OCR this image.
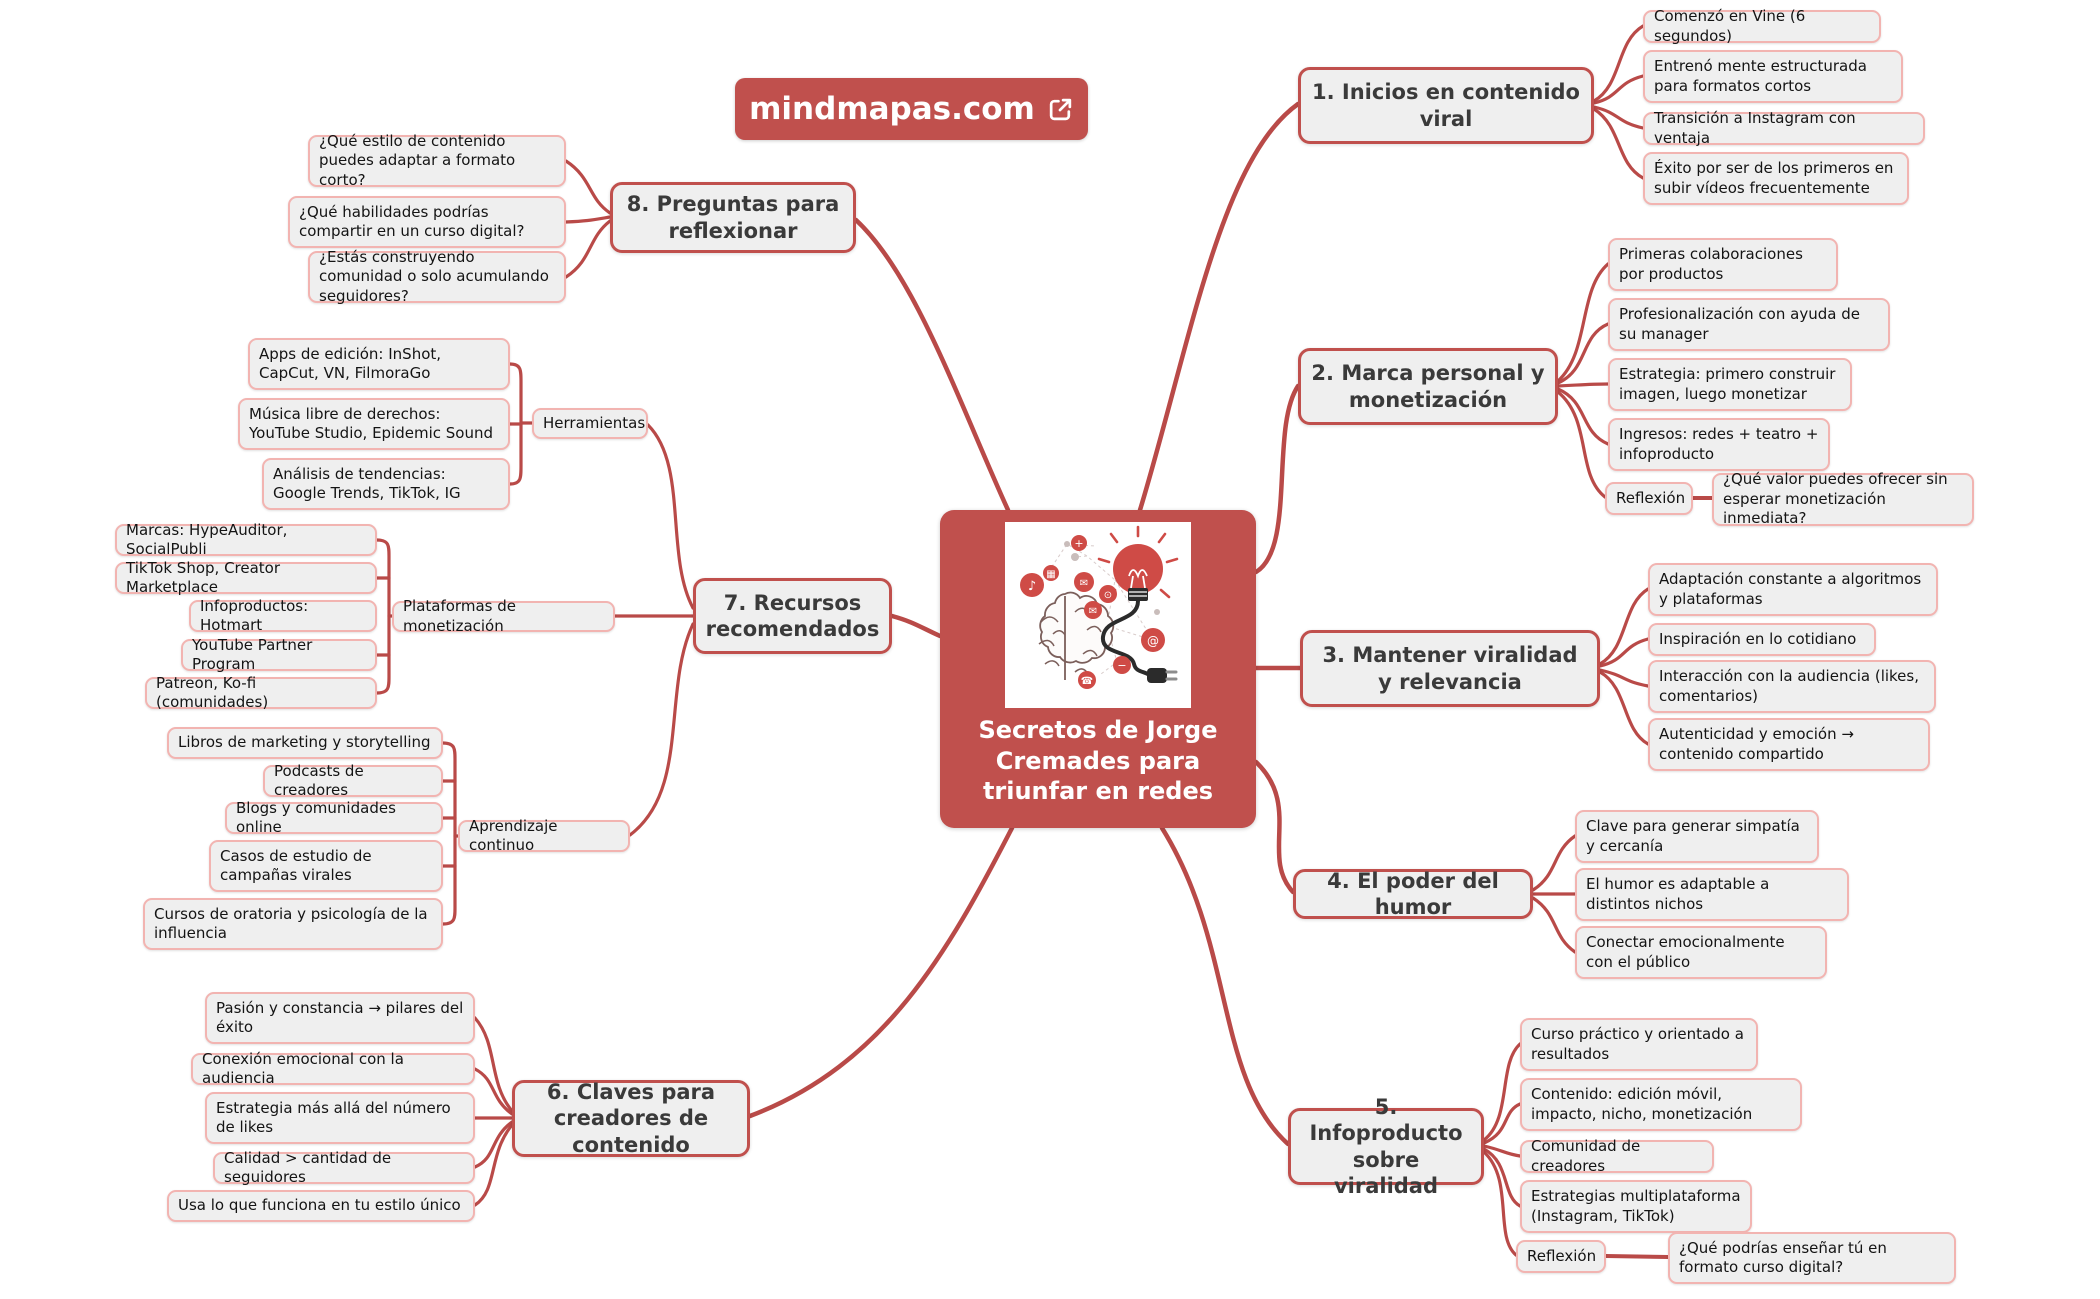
mindmapas.com
♪
▦
+
✉
⊙
✉
@
−
☎
Secretos de Jorge Cremades para triunfar en redes
1. Inicios en contenido viral
Comenzó en Vine (6 segundos)
Entrenó mente estructurada para formatos cortos
Transición a Instagram con ventaja
Éxito por ser de los primeros en subir vídeos frecuentemente
2. Marca personal y monetización
Primeras colaboraciones por productos
Profesionalización con ayuda de su manager
Estrategia: primero construir imagen, luego monetizar
Ingresos: redes + teatro + infoproducto
Reflexión
¿Qué valor puedes ofrecer sin esperar monetización inmediata?
3. Mantener viralidad y relevancia
Adaptación constante a algoritmos y plataformas
Inspiración en lo cotidiano
Interacción con la audiencia (likes, comentarios)
Autenticidad y emoción → contenido compartido
4. El poder del humor
Clave para generar simpatía y cercanía
El humor es adaptable a distintos nichos
Conectar emocionalmente con el público
5. Infoproducto sobre viralidad
Curso práctico y orientado a resultados
Contenido: edición móvil, impacto, nicho, monetización
Comunidad de creadores
Estrategias multiplataforma (Instagram, TikTok)
Reflexión	¿Qué podrías enseñar tú en formato curso digital?
6. Claves para creadores de contenido
Pasión y constancia → pilares del éxito
Conexión emocional con la audiencia
Estrategia más allá del número de likes
Calidad > cantidad de seguidores
Usa lo que funciona en tu estilo único
7. Recursos recomendados
Herramientas
Apps de edición: InShot, CapCut, VN, FilmoraGo
Música libre de derechos: YouTube Studio, Epidemic Sound
Análisis de tendencias: Google Trends, TikTok, IG
Plataformas de monetización
Marcas: HypeAuditor, SocialPubli
TikTok Shop, Creator Marketplace
Infoproductos: Hotmart
YouTube Partner Program
Patreon, Ko-fi (comunidades)
Aprendizaje continuo
Libros de marketing y storytelling
Podcasts de creadores
Blogs y comunidades online
Casos de estudio de campañas virales
Cursos de oratoria y psicología de la influencia
8. Preguntas para reflexionar
¿Qué estilo de contenido puedes adaptar a formato corto?
¿Qué habilidades podrías compartir en un curso digital?
¿Estás construyendo comunidad o solo acumulando seguidores?
